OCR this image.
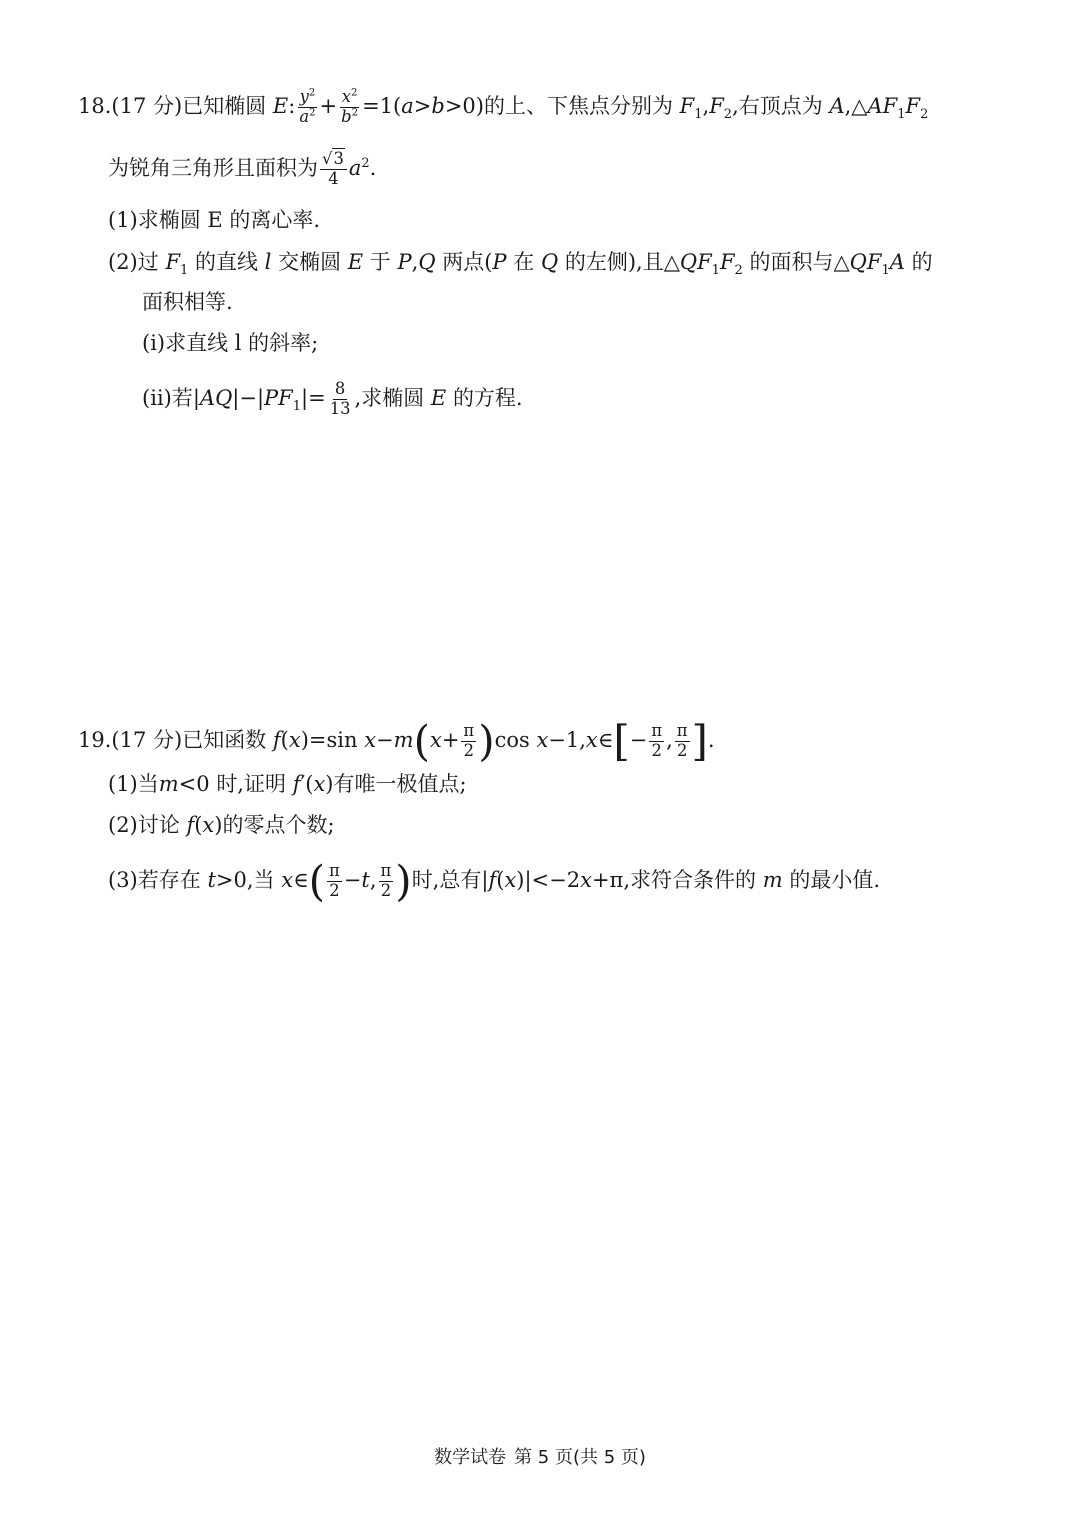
18.(17 分)已知椭圆 E: $\frac{y^2}{a^2} + \frac{x^2}{b^2} =1(a>b>0)$的上、下焦点分别为 $F_1,F_2$,右顶点为 $A,\triangle AF_1F_2$
为锐角三角形且面积为 $\frac{√3}{4} a^2$.
(1)求椭圆 E 的离心率.
(2)过 $F_1$ 的直线 l 交椭圆 E 于 P,Q 两点(P 在 Q 的左侧),且$\triangle QF_1F_2$ 的面积与$\triangle QF_1A$ 的
面积相等.
(ⅰ)求直线 l 的斜率;
(ⅱ)若$|AQ|-|PF_1|= \frac{8}{13}$ ,求椭圆 E 的方程.
19.(17 分)已知函数 f(x)=sin $x-m(x+ \frac{\pi}{2} )\cos$ x−1,x∈[− $\frac{\pi}{2}$ , $\frac{\pi}{2}$ ].
(1)当m<0 时,证明 f′(x)有唯一极值点;
(2)讨论 f(x)的零点个数;
(3)若存在 t>0,当 x∈( $\frac{\pi}{2} -t$, $\frac{\pi}{2}$ )时,总有|f(x)|<−2x+π,求符合条件的 m 的最小值.
数学试卷 第 5 页(共 5 页)
